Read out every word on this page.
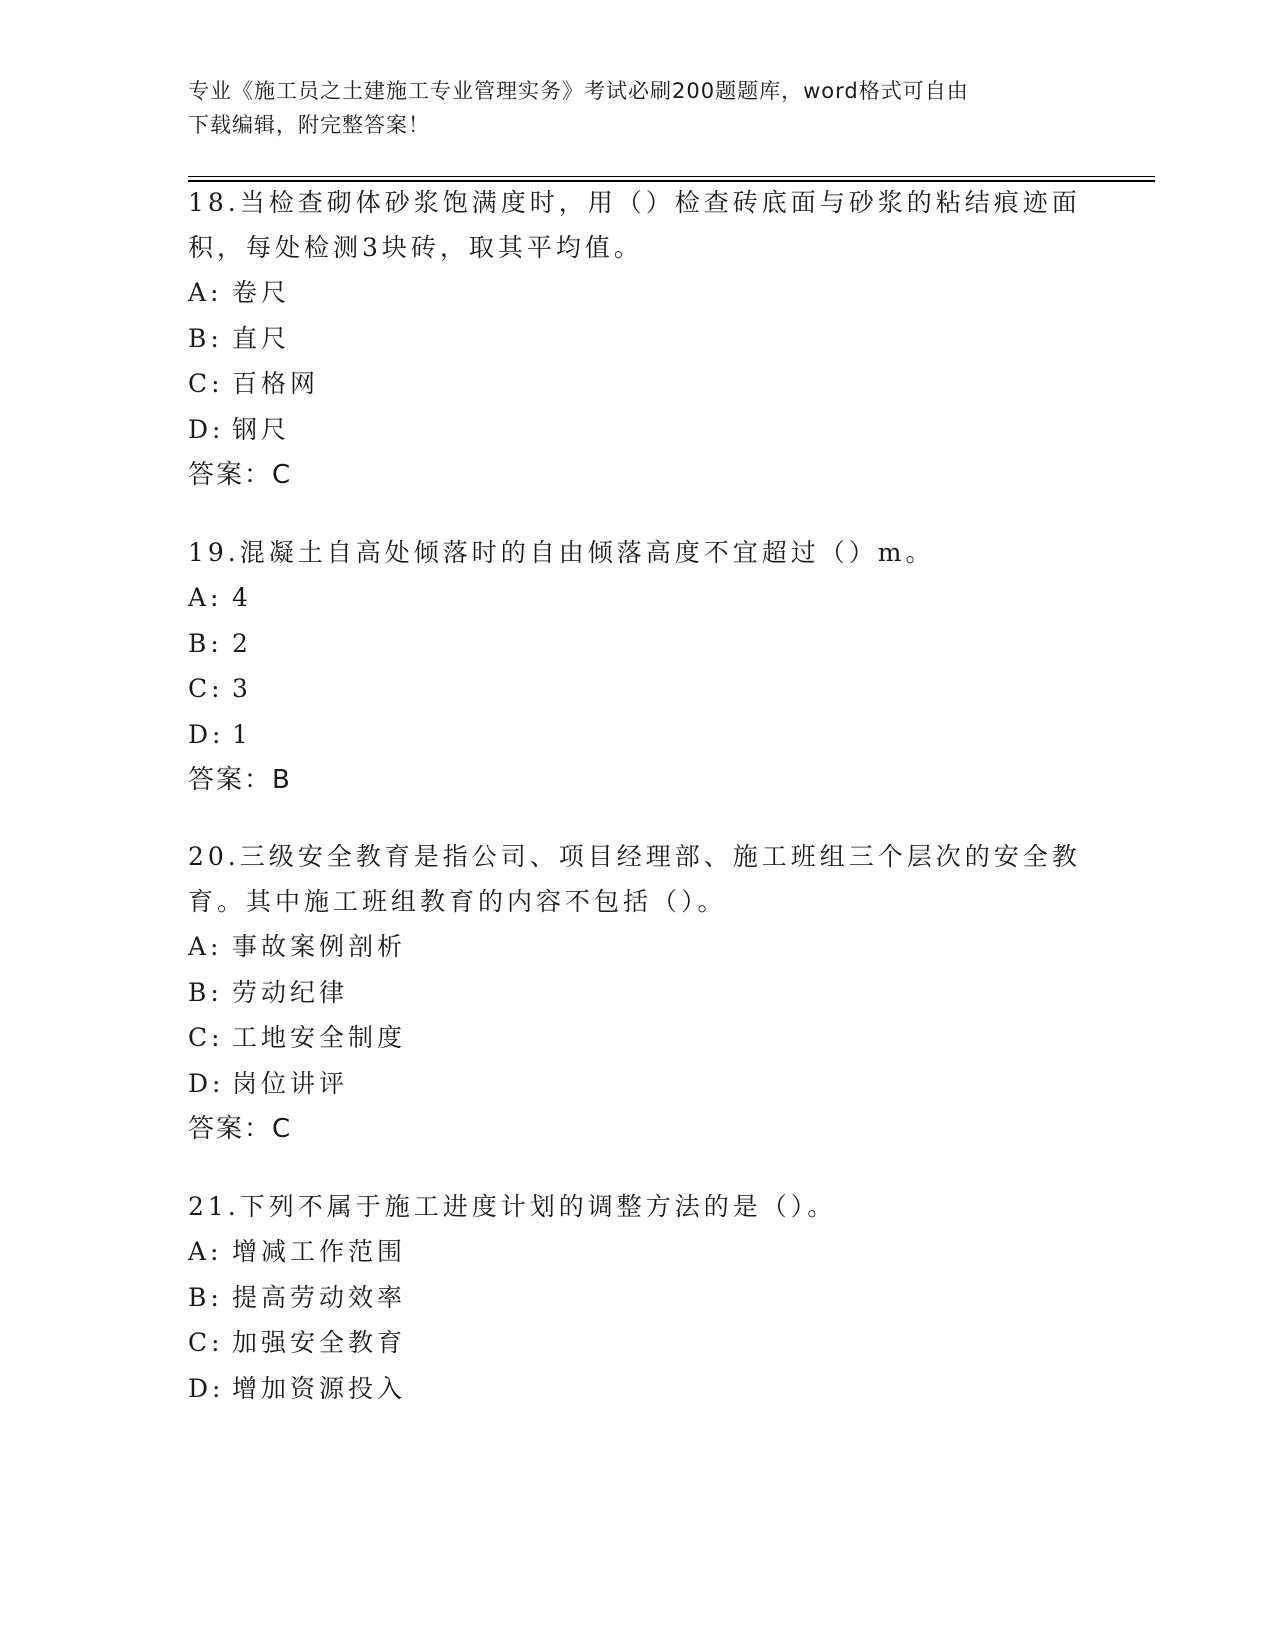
专业《施工员之土建施工专业管理实务》考试必刷200题题库，word格式可自由
下载编辑，附完整答案！

18.当检查砌体砂浆饱满度时，用（）检查砖底面与砂浆的粘结痕迹面

积，每处检测3块砖，取其平均值。

A: 卷尺
B: 直尺
C: 百格网
D: 钢尺

答案：C

19.混凝土自高处倾落时的自由倾落高度不宜超过（）m。

A: 4
B: 2
C: 3
D: 1

答案：B

20.三级安全教育是指公司、项目经理部、施工班组三个层次的安全教

育。其中施工班组教育的内容不包括（）。

A: 事故案例剖析
B: 劳动纪律
C: 工地安全制度
D: 岗位讲评

答案：C

21.下列不属于施工进度计划的调整方法的是（）。

A: 增减工作范围
B: 提高劳动效率
C: 加强安全教育
D: 增加资源投入
